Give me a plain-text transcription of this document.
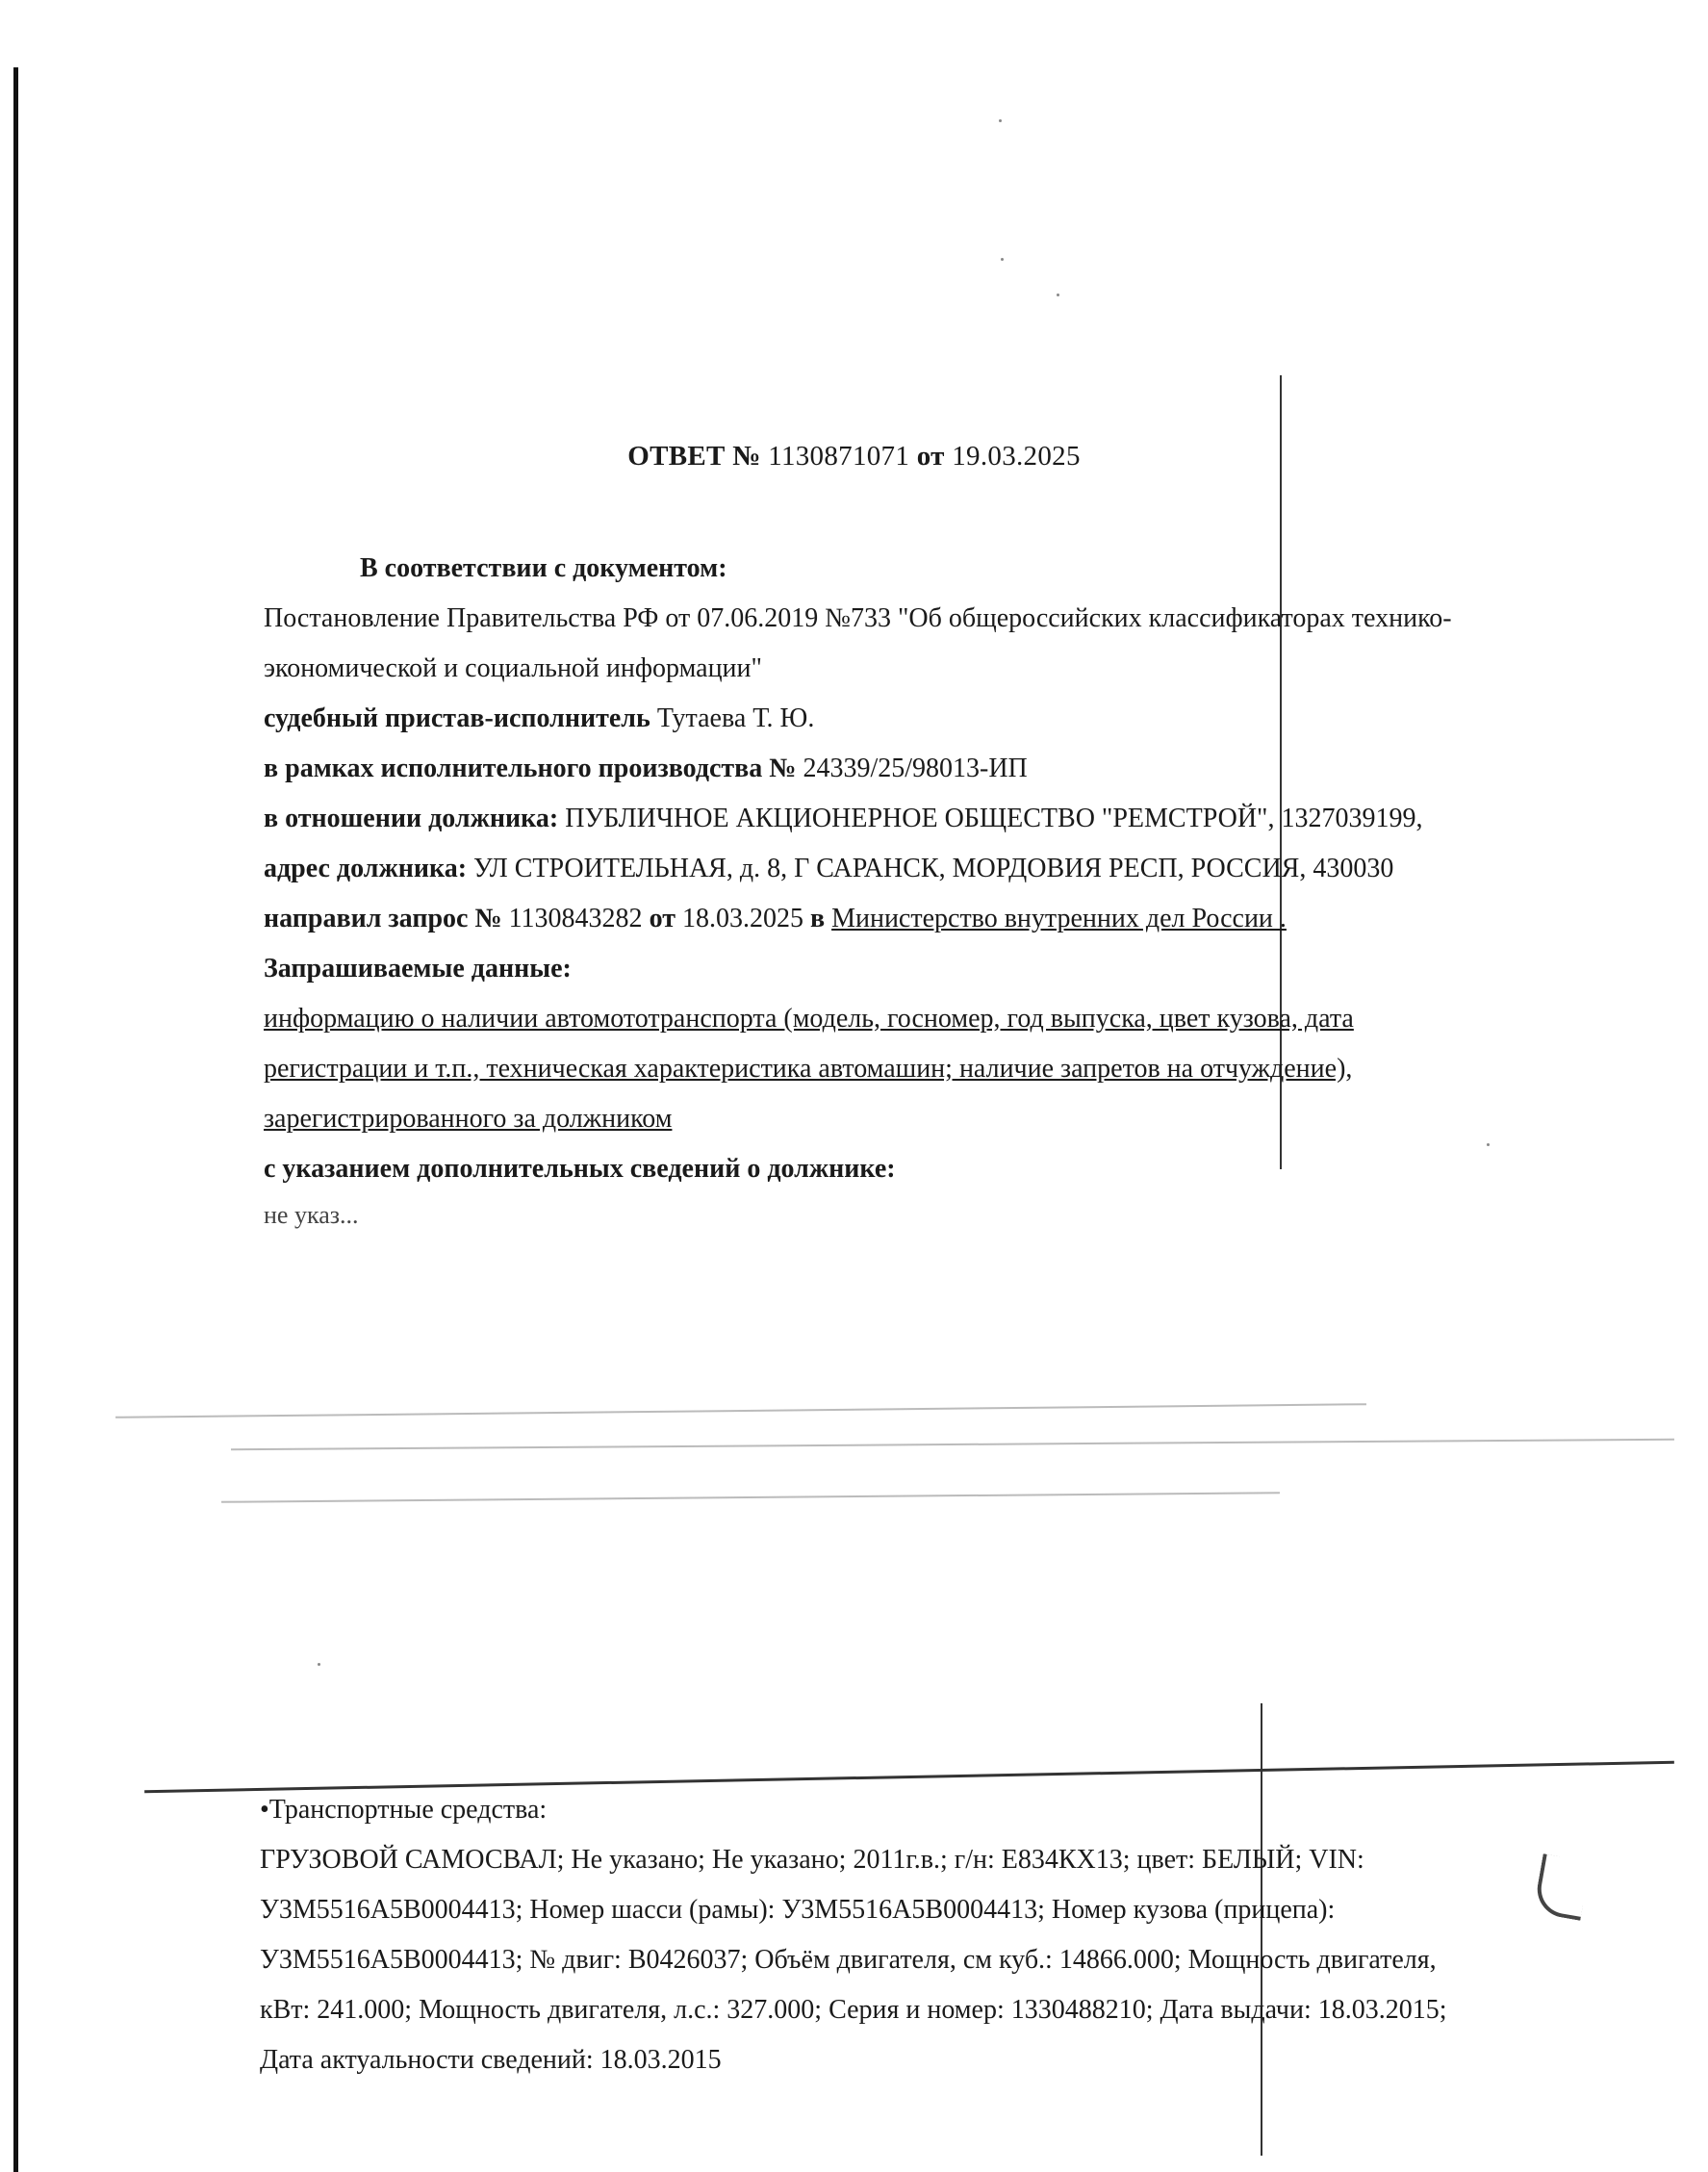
ОТВЕТ № 1130871071 от 19.03.2025
В соответствии с документом:
Постановление Правительства РФ от 07.06.2019 №733 "Об общероссийских классификаторах технико-
экономической и социальной информации"
судебный пристав-исполнитель Тутаева Т. Ю.
в рамках исполнительного производства № 24339/25/98013-ИП
в отношении должника: ПУБЛИЧНОЕ АКЦИОНЕРНОЕ ОБЩЕСТВО "РЕМСТРОЙ", 1327039199,
адрес должника: УЛ СТРОИТЕЛЬНАЯ, д. 8, Г САРАНСК, МОРДОВИЯ РЕСП, РОССИЯ, 430030
направил запрос № 1130843282 от 18.03.2025 в Министерство внутренних дел России .
Запрашиваемые данные:
информацию о наличии автомототранспорта (модель, госномер, год выпуска, цвет кузова, дата
регистрации и т.п., техническая характеристика автомашин; наличие запретов на отчуждение),
зарегистрированного за должником
с указанием дополнительных сведений о должнике:
не указ...
•Транспортные средства:
ГРУЗОВОЙ САМОСВАЛ; Не указано; Не указано; 2011г.в.; г/н: Е834КХ13; цвет: БЕЛЫЙ; VIN:
У3М5516А5В0004413; Номер шасси (рамы): У3М5516А5В0004413; Номер кузова (прицепа):
У3М5516А5В0004413; № двиг: В0426037; Объём двигателя, см куб.: 14866.000; Мощность двигателя,
кВт: 241.000; Мощность двигателя, л.с.: 327.000; Серия и номер: 1330488210; Дата выдачи: 18.03.2015;
Дата актуальности сведений: 18.03.2015
